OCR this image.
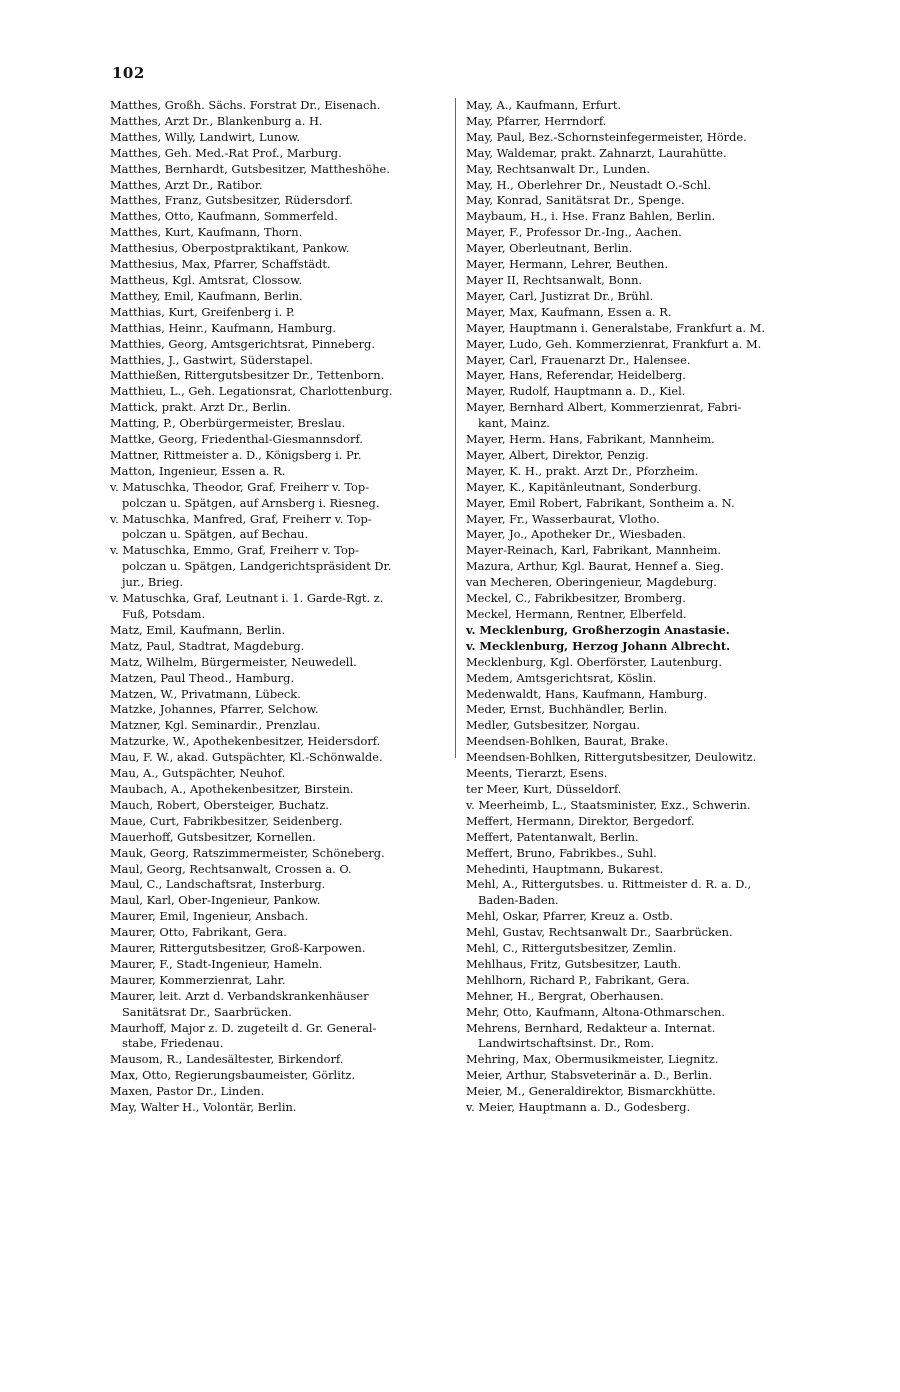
102
Matthes, Großh. Sächs. Forstrat Dr., Eisenach.
Matthes, Arzt Dr., Blankenburg a. H.
Matthes, Willy, Landwirt, Lunow.
Matthes, Geh. Med.-Rat Prof., Marburg.
Matthes, Bernhardt, Gutsbesitzer, Mattheshöhe.
Matthes, Arzt Dr., Ratibor.
Matthes, Franz, Gutsbesitzer, Rüdersdorf.
Matthes, Otto, Kaufmann, Sommerfeld.
Matthes, Kurt, Kaufmann, Thorn.
Matthesius, Oberpostpraktikant, Pankow.
Matthesius, Max, Pfarrer, Schaffstädt.
Mattheus, Kgl. Amtsrat, Clossow.
Matthey, Emil, Kaufmann, Berlin.
Matthias, Kurt, Greifenberg i. P.
Matthias, Heinr., Kaufmann, Hamburg.
Matthies, Georg, Amtsgerichtsrat, Pinneberg.
Matthies, J., Gastwirt, Süderstapel.
Matthießen, Rittergutsbesitzer Dr., Tettenborn.
Matthieu, L., Geh. Legationsrat, Charlottenburg.
Mattick, prakt. Arzt Dr., Berlin.
Matting, P., Oberbürgermeister, Breslau.
Mattke, Georg, Friedenthal-Giesmannsdorf.
Mattner, Rittmeister a. D., Königsberg i. Pr.
Matton, Ingenieur, Essen a. R.
v. Matuschka, Theodor, Graf, Freiherr v. Top-
polczan u. Spätgen, auf Arnsberg i. Riesneg.
v. Matuschka, Manfred, Graf, Freiherr v. Top-
polczan u. Spätgen, auf Bechau.
v. Matuschka, Emmo, Graf, Freiherr v. Top-
polczan u. Spätgen, Landgerichtspräsident Dr.
jur., Brieg.
v. Matuschka, Graf, Leutnant i. 1. Garde-Rgt. z.
Fuß, Potsdam.
Matz, Emil, Kaufmann, Berlin.
Matz, Paul, Stadtrat, Magdeburg.
Matz, Wilhelm, Bürgermeister, Neuwedell.
Matzen, Paul Theod., Hamburg.
Matzen, W., Privatmann, Lübeck.
Matzke, Johannes, Pfarrer, Selchow.
Matzner, Kgl. Seminardir., Prenzlau.
Matzurke, W., Apothekenbesitzer, Heidersdorf.
Mau, F. W., akad. Gutspächter, Kl.-Schönwalde.
Mau, A., Gutspächter, Neuhof.
Maubach, A., Apothekenbesitzer, Birstein.
Mauch, Robert, Obersteiger, Buchatz.
Maue, Curt, Fabrikbesitzer, Seidenberg.
Mauerhoff, Gutsbesitzer, Kornellen.
Mauk, Georg, Ratszimmermeister, Schöneberg.
Maul, Georg, Rechtsanwalt, Crossen a. O.
Maul, C., Landschaftsrat, Insterburg.
Maul, Karl, Ober-Ingenieur, Pankow.
Maurer, Emil, Ingenieur, Ansbach.
Maurer, Otto, Fabrikant, Gera.
Maurer, Rittergutsbesitzer, Groß-Karpowen.
Maurer, F., Stadt-Ingenieur, Hameln.
Maurer, Kommerzienrat, Lahr.
Maurer, leit. Arzt d. Verbandskrankenhäuser
Sanitätsrat Dr., Saarbrücken.
Maurhoff, Major z. D. zugeteilt d. Gr. General-
stabe, Friedenau.
Mausom, R., Landesältester, Birkendorf.
Max, Otto, Regierungsbaumeister, Görlitz.
Maxen, Pastor Dr., Linden.
May, Walter H., Volontär, Berlin.
May, A., Kaufmann, Erfurt.
May, Pfarrer, Herrndorf.
May, Paul, Bez.-Schornsteinfegermeister, Hörde.
May, Waldemar, prakt. Zahnarzt, Laurahütte.
May, Rechtsanwalt Dr., Lunden.
May, H., Oberlehrer Dr., Neustadt O.-Schl.
May, Konrad, Sanitätsrat Dr., Spenge.
Maybaum, H., i. Hse. Franz Bahlen, Berlin.
Mayer, F., Professor Dr.-Ing., Aachen.
Mayer, Oberleutnant, Berlin.
Mayer, Hermann, Lehrer, Beuthen.
Mayer II, Rechtsanwalt, Bonn.
Mayer, Carl, Justizrat Dr., Brühl.
Mayer, Max, Kaufmann, Essen a. R.
Mayer, Hauptmann i. Generalstabe, Frankfurt a. M.
Mayer, Ludo, Geh. Kommerzienrat, Frankfurt a. M.
Mayer, Carl, Frauenarzt Dr., Halensee.
Mayer, Hans, Referendar, Heidelberg.
Mayer, Rudolf, Hauptmann a. D., Kiel.
Mayer, Bernhard Albert, Kommerzienrat, Fabri-
kant, Mainz.
Mayer, Herm. Hans, Fabrikant, Mannheim.
Mayer, Albert, Direktor, Penzig.
Mayer, K. H., prakt. Arzt Dr., Pforzheim.
Mayer, K., Kapitänleutnant, Sonderburg.
Mayer, Emil Robert, Fabrikant, Sontheim a. N.
Mayer, Fr., Wasserbaurat, Vlotho.
Mayer, Jo., Apotheker Dr., Wiesbaden.
Mayer-Reinach, Karl, Fabrikant, Mannheim.
Mazura, Arthur, Kgl. Baurat, Hennef a. Sieg.
van Mecheren, Oberingenieur, Magdeburg.
Meckel, C., Fabrikbesitzer, Bromberg.
Meckel, Hermann, Rentner, Elberfeld.
v. Mecklenburg, Großherzogin Anastasie.
v. Mecklenburg, Herzog Johann Albrecht.
Mecklenburg, Kgl. Oberförster, Lautenburg.
Medem, Amtsgerichtsrat, Köslin.
Medenwaldt, Hans, Kaufmann, Hamburg.
Meder, Ernst, Buchhändler, Berlin.
Medler, Gutsbesitzer, Norgau.
Meendsen-Bohlken, Baurat, Brake.
Meendsen-Bohlken, Rittergutsbesitzer, Deulowitz.
Meents, Tierarzt, Esens.
ter Meer, Kurt, Düsseldorf.
v. Meerheimb, L., Staatsminister, Exz., Schwerin.
Meffert, Hermann, Direktor, Bergedorf.
Meffert, Patentanwalt, Berlin.
Meffert, Bruno, Fabrikbes., Suhl.
Mehedinti, Hauptmann, Bukarest.
Mehl, A., Rittergutsbes. u. Rittmeister d. R. a. D.,
Baden-Baden.
Mehl, Oskar, Pfarrer, Kreuz a. Ostb.
Mehl, Gustav, Rechtsanwalt Dr., Saarbrücken.
Mehl, C., Rittergutsbesitzer, Zemlin.
Mehlhaus, Fritz, Gutsbesitzer, Lauth.
Mehlhorn, Richard P., Fabrikant, Gera.
Mehner, H., Bergrat, Oberhausen.
Mehr, Otto, Kaufmann, Altona-Othmarschen.
Mehrens, Bernhard, Redakteur a. Internat.
Landwirtschaftsinst. Dr., Rom.
Mehring, Max, Obermusikmeister, Liegnitz.
Meier, Arthur, Stabsveterinär a. D., Berlin.
Meier, M., Generaldirektor, Bismarckhütte.
v. Meier, Hauptmann a. D., Godesberg.
